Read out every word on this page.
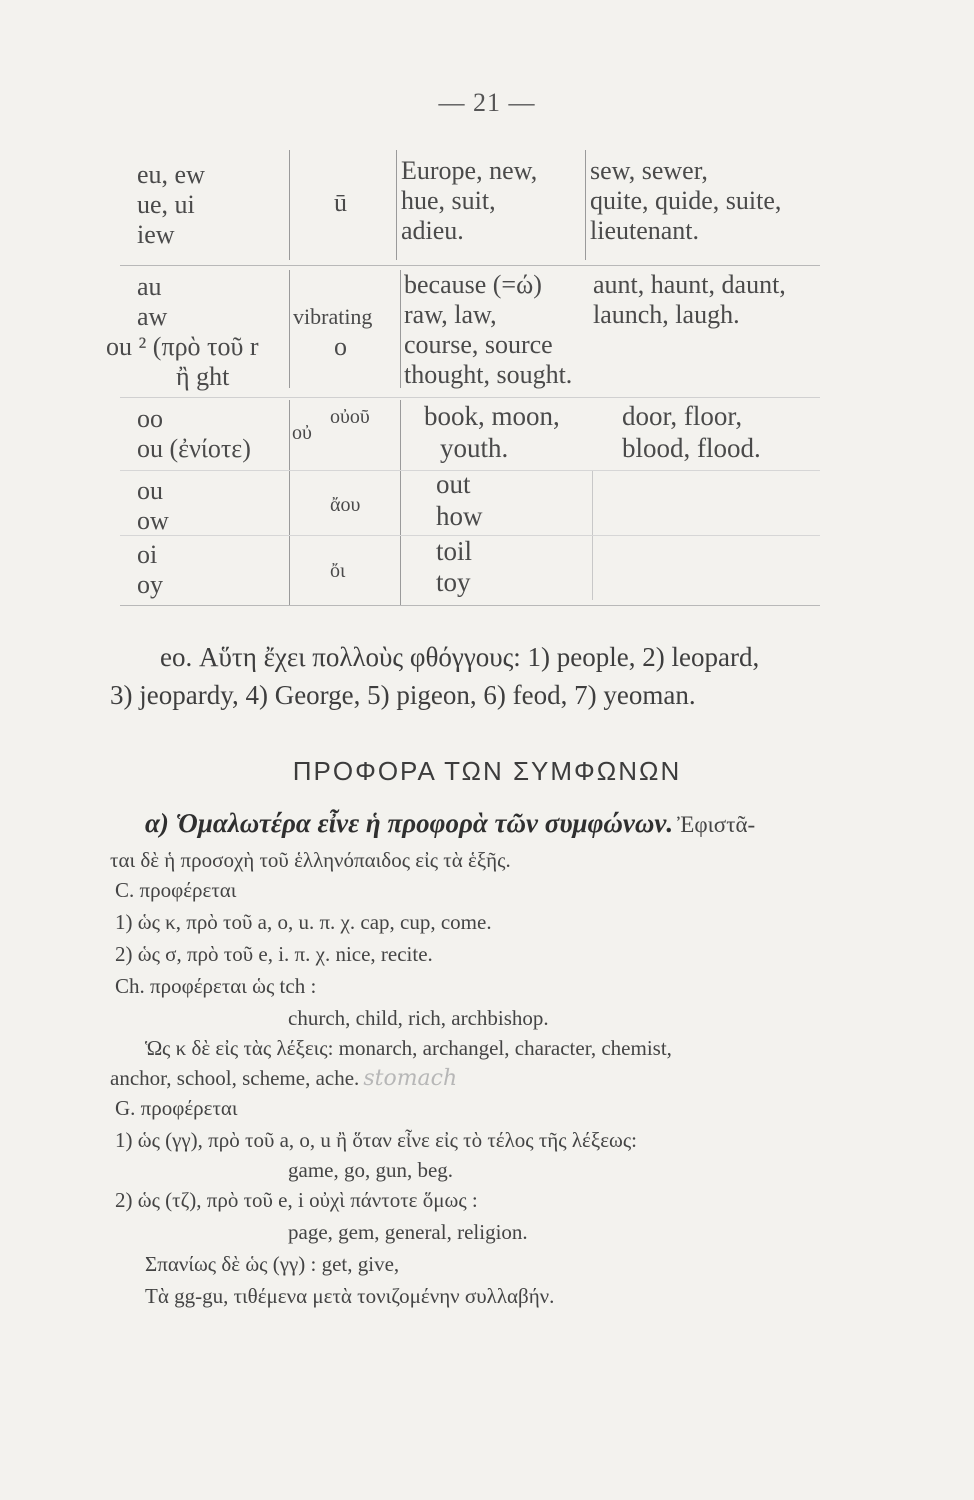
— 21 —
eu, ew
ue, ui
iew
ū
Europe, new,
hue, suit,
adieu.
sew, sewer,
quite, quide, suite,
lieutenant.
au
aw
ou ² (πρὸ τοῦ r
ἢ ght
vibrating
o
because (=ώ)
raw, law,
course, source
thought, sought.
aunt, haunt, daunt,
launch, laugh.
oo
ou (ἐνίοτε)
οὐ
οὐοῦ book, moon,
youth.
door, floor,
blood, flood.
ou
ow
ἄου
out
how
oi
oy	ὄι
toil
toy
eo. Αὕτη ἔχει πολλοὺς φθόγγους: 1) people, 2) leopard,
3) jeopardy, 4) George, 5) pigeon, 6) feod, 7) yeoman.
ΠΡΟΦΟΡΑ ΤΩΝ ΣΥΜΦΩΝΩΝ
α) Ὁμαλωτέρα εἶνε ἡ προφορὰ τῶν συμφώνων. Ἐφιστᾶ-
ται δὲ ἡ προσοχὴ τοῦ ἑλληνόπαιδος εἰς τὰ ἑξῆς.
C. προφέρεται
1) ὡς κ, πρὸ τοῦ a, o, u. π. χ. cap, cup, come.
2) ὡς σ, πρὸ τοῦ e, i. π. χ. nice, recite.
Ch. προφέρεται ὡς tch :
church, child, rich, archbishop.
Ὡς κ δὲ εἰς τὰς λέξεις: monarch, archangel, character, chemist,
anchor, school, scheme, ache. stomach
G. προφέρεται
1) ὡς (γγ), πρὸ τοῦ a, o, u ἢ ὅταν εἶνε εἰς τὸ τέλος τῆς λέξεως:
game, go, gun, beg.
2) ὡς (τζ), πρὸ τοῦ e, i οὐχὶ πάντοτε ὅμως :
page, gem, general, religion.
Σπανίως δὲ ὡς (γγ) : get, give,
Τὰ gg-gu, τιθέμενα μετὰ τονιζομένην συλλαβήν.
